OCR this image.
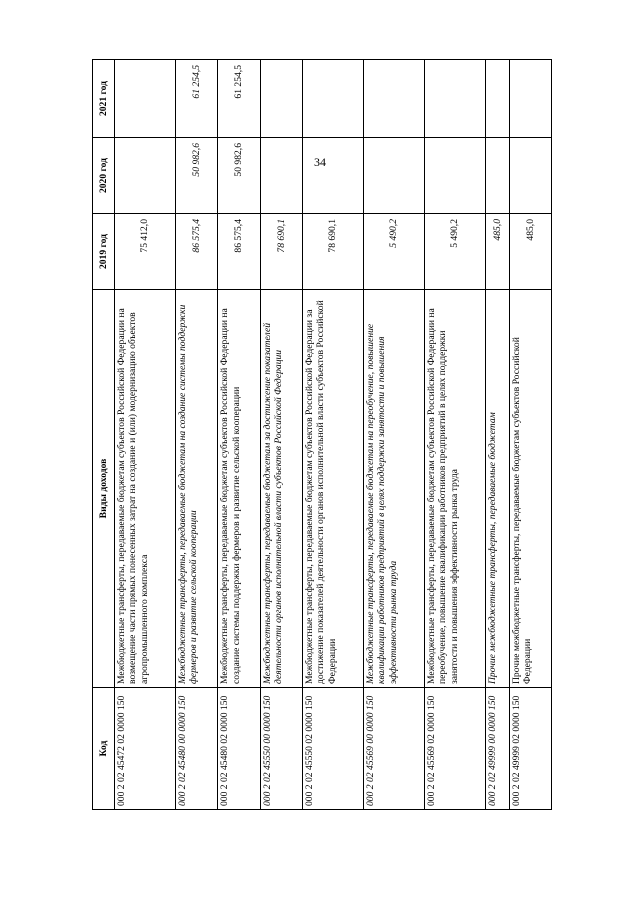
34
Код	Виды доходов	2019 год	2020 год	2021 год
000 2 02 45472 02 0000 150	Межбюджетные трансферты, передаваемые бюджетам субъектов Российской Федерации на возмещение части прямых понесенных затрат на создание и (или) модернизацию объектов агропромышленного комплекса	75 412,0		
000 2 02 45480 00 0000 150	Межбюджетные трансферты, передаваемые бюджетам на создание системы поддержки фермеров и развитие сельской кооперации	86 575,4	50 982,6	61 254,5
000 2 02 45480 02 0000 150	Межбюджетные трансферты, передаваемые бюджетам субъектов Российской Федерации на создание системы поддержки фермеров и развитие сельской кооперации	86 575,4	50 982,6	61 254,5
000 2 02 45550 00 0000 150	Межбюджетные трансферты, передаваемые бюджетам за достижение показателей деятельности органов исполнительной власти субъектов Российской Федерации	78 690,1		
000 2 02 45550 02 0000 150	Межбюджетные трансферты, передаваемые бюджетам субъектов Российской Федерации за достижение показателей деятельности органов исполнительной власти субъектов Российской Федерации	78 690,1		
000 2 02 45569 00 0000 150	Межбюджетные трансферты, передаваемые бюджетам на переобучение, повышение квалификации работников предприятий в целях поддержки занятости и повышения эффективности рынка труда	5 490,2		
000 2 02 45569 02 0000 150	Межбюджетные трансферты, передаваемые бюджетам субъектов Российской Федерации на переобучение, повышение квалификации работников предприятий в целях поддержки занятости и повышения эффективности рынка труда	5 490,2		
000 2 02 49999 00 0000 150	Прочие межбюджетные трансферты, передаваемые бюджетам	485,0		
000 2 02 49999 02 0000 150	Прочие межбюджетные трансферты, передаваемые бюджетам субъектов Российской Федерации	485,0		
